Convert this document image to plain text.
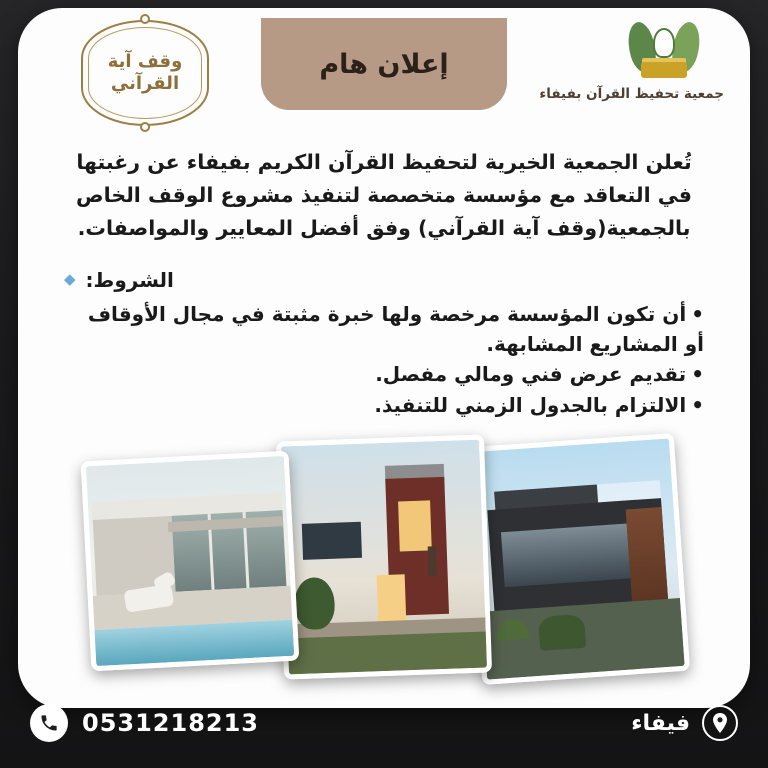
وقف آية
القرآني
إعلان هام
جمعية تحفيظ القرآن بفيفاء
تُعلن الجمعية الخيرية لتحفيظ القرآن الكريم بفيفاء عن رغبتها في التعاقد مع مؤسسة متخصصة لتنفيذ مشروع الوقف الخاص بالجمعية(وقف آية القرآني) وفق أفضل المعايير والمواصفات.
◆ الشروط:
•أن تكون المؤسسة مرخصة ولها خبرة مثبتة في مجال الأوقاف أو المشاريع المشابهة.
•تقديم عرض فني ومالي مفصل.
•الالتزام بالجدول الزمني للتنفيذ.
فيفاء
0531218213
